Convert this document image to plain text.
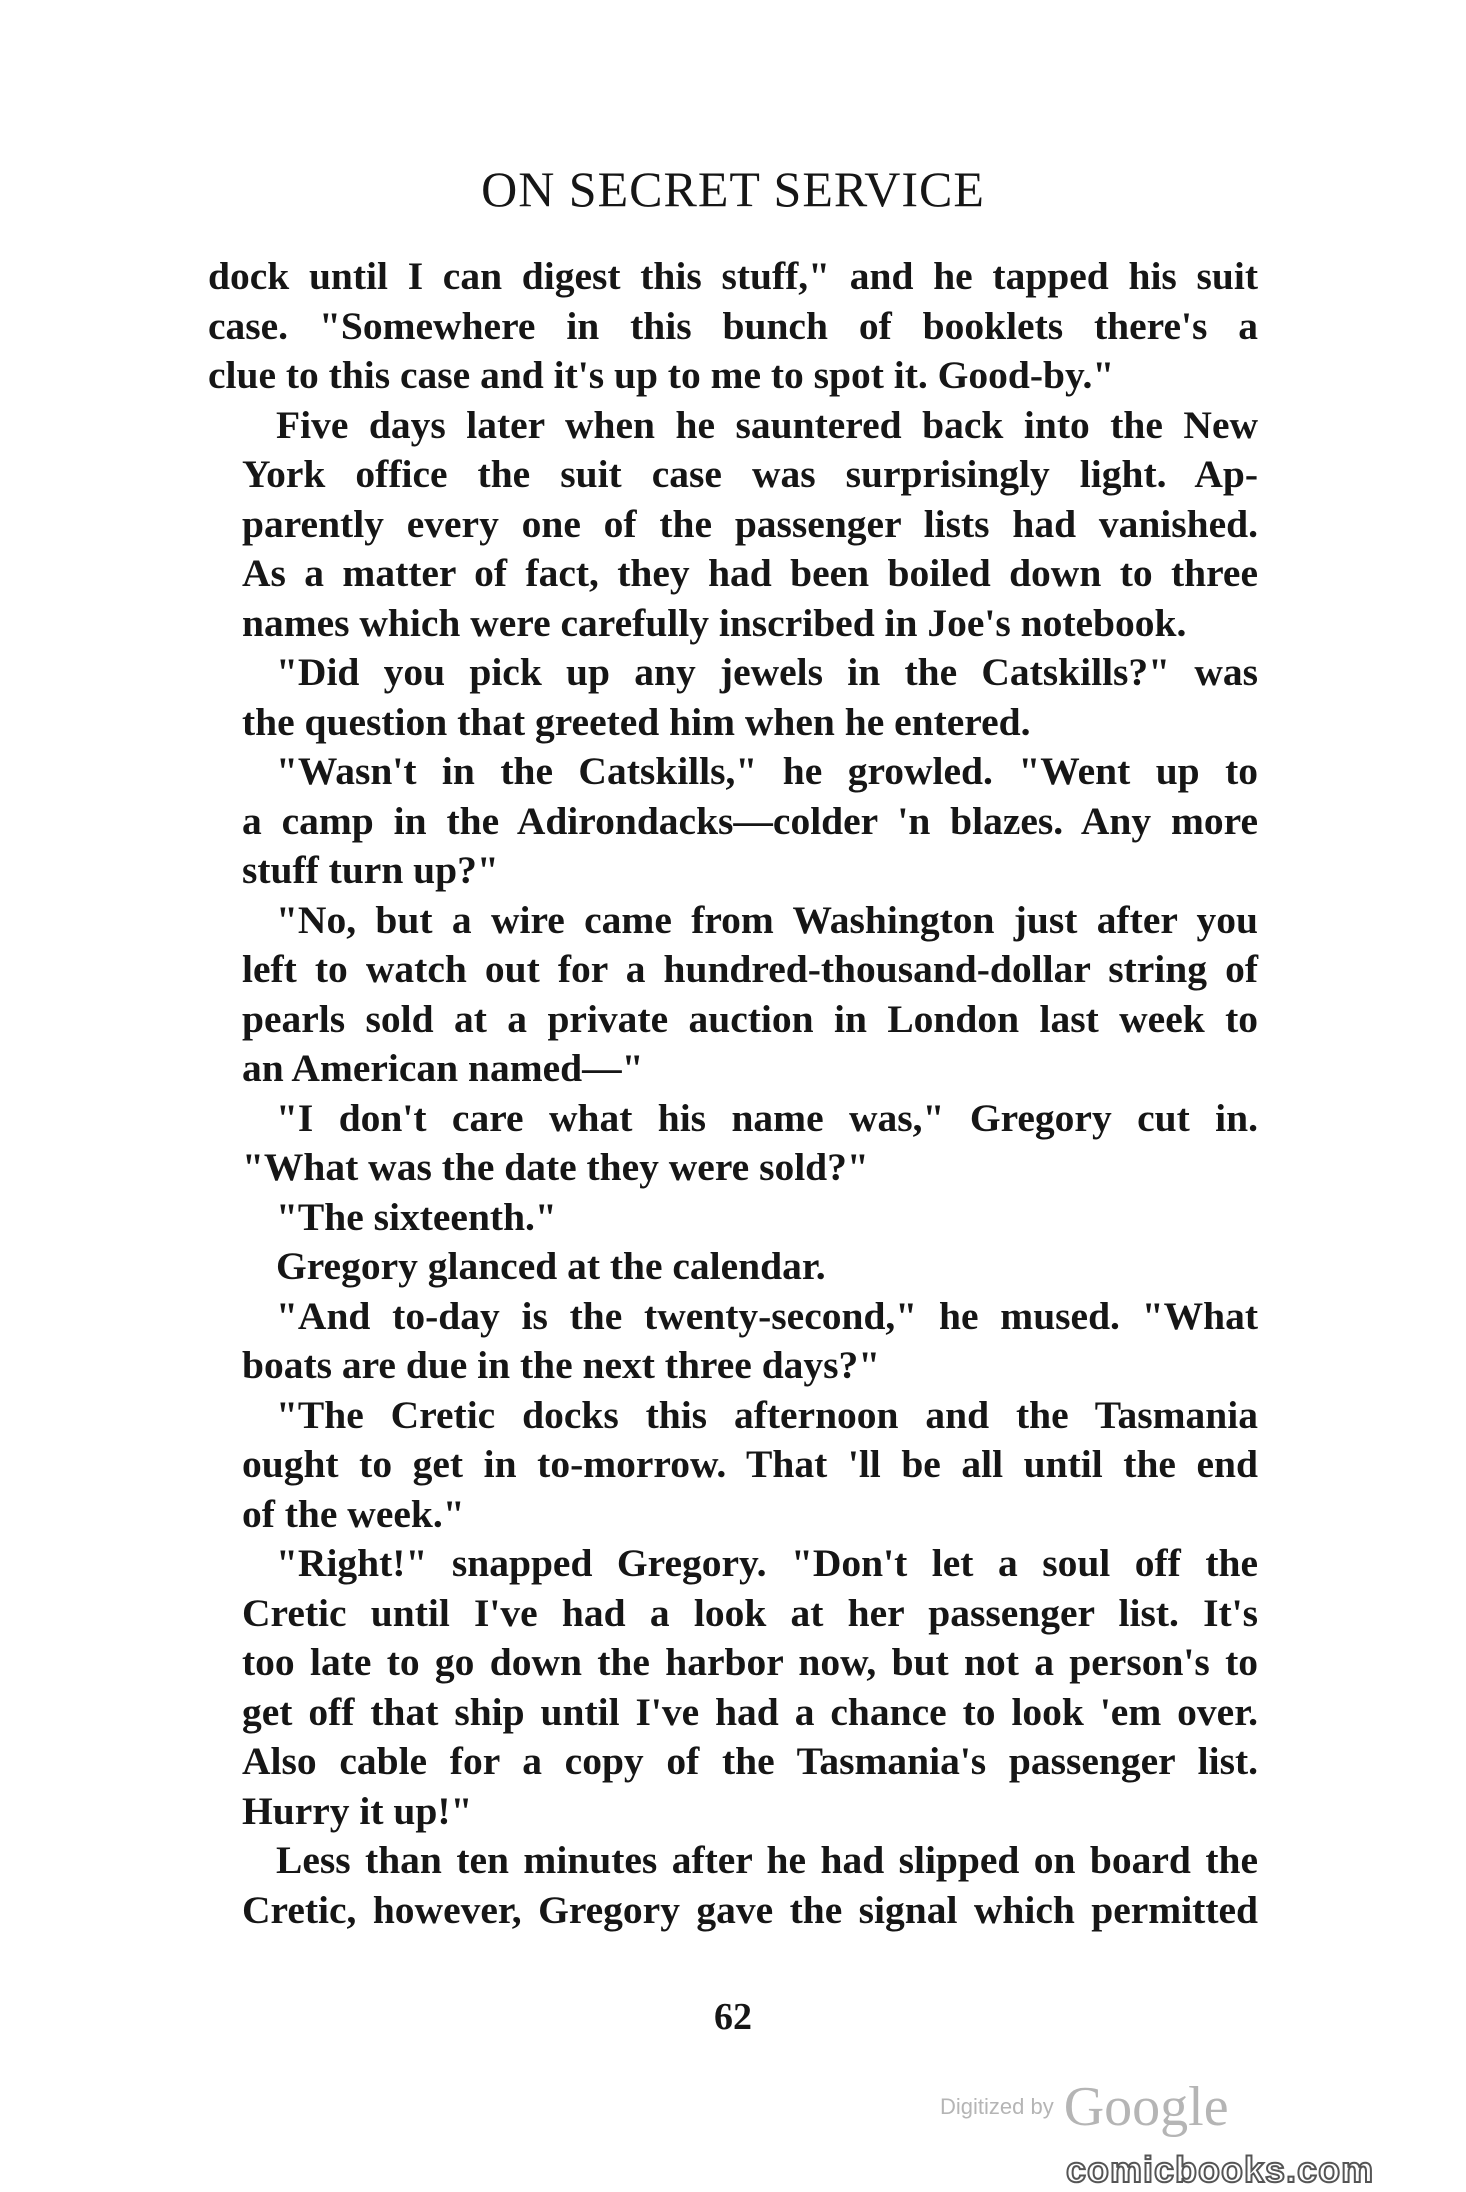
ON SECRET SERVICE

dock until I can digest this stuff," and he tapped his suit
case. "Somewhere in this bunch of booklets there's a
clue to this case and it's up to me to spot it. Good-by."

Five days later when he sauntered back into the New
York office the suit case was surprisingly light. Ap-
parently every one of the passenger lists had vanished.
As a matter of fact, they had been boiled down to three
names which were carefully inscribed in Joe's notebook.

"Did you pick up any jewels in the Catskills?" was
the question that greeted him when he entered.

"Wasn't in the Catskills," he growled. "Went up to
a camp in the Adirondacks—colder 'n blazes. Any more
stuff turn up?"

"No, but a wire came from Washington just after you
left to watch out for a hundred-thousand-dollar string of
pearls sold at a private auction in London last week to
an American named—"

"I don't care what his name was," Gregory cut in.
"What was the date they were sold?"

"The sixteenth."

Gregory glanced at the calendar.

"And to-day is the twenty-second," he mused. "What
boats are due in the next three days?"

"The Cretic docks this afternoon and the Tasmania
ought to get in to-morrow. That 'll be all until the end
of the week."

"Right!" snapped Gregory. "Don't let a soul off the
Cretic until I've had a look at her passenger list. It's
too late to go down the harbor now, but not a person's to
get off that ship until I've had a chance to look 'em over.
Also cable for a copy of the Tasmania's passenger list.
Hurry it up!"

Less than ten minutes after he had slipped on board the
Cretic, however, Gregory gave the signal which permitted

62
Digitized by Google
comicbooks.com
